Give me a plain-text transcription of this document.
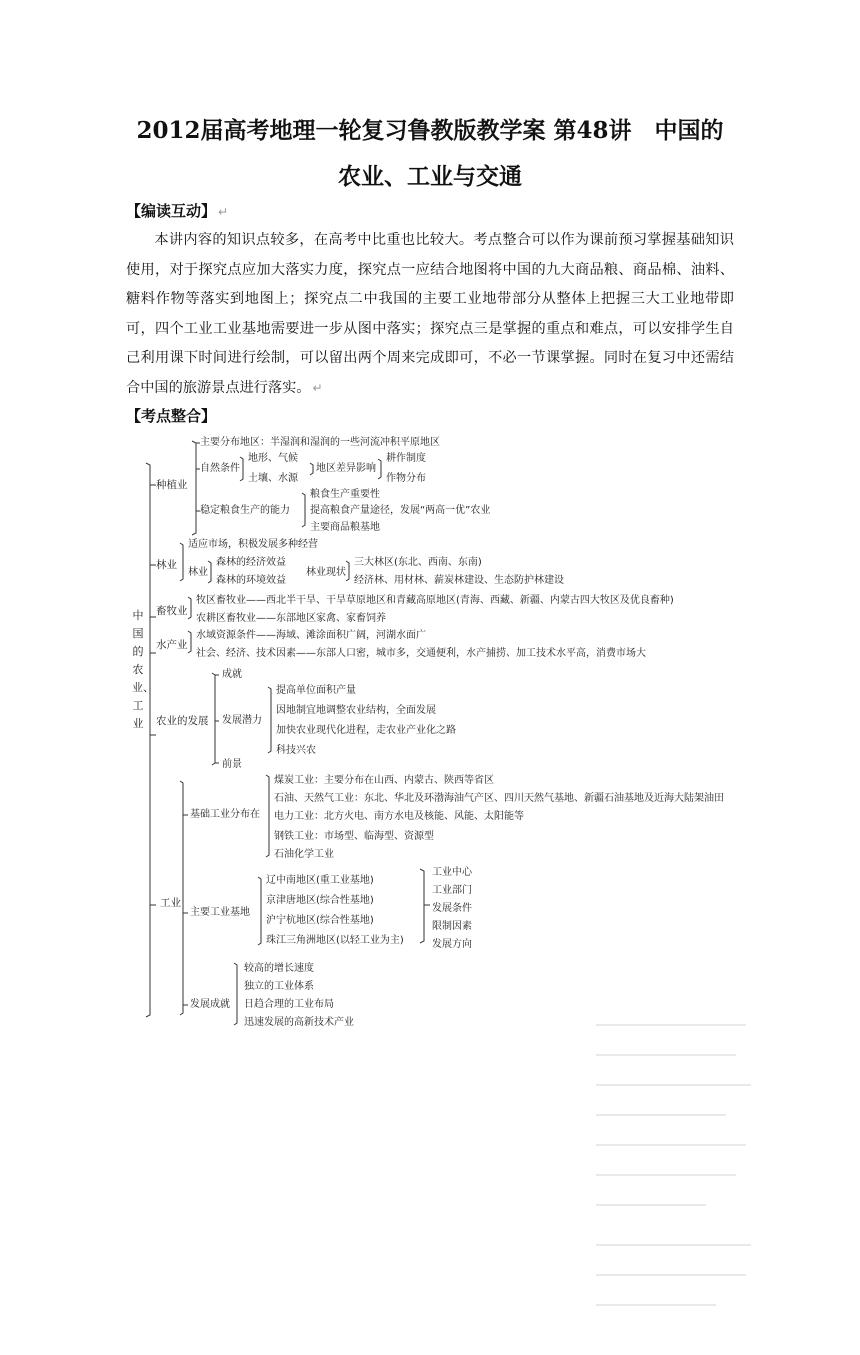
2012届高考地理一轮复习鲁教版教学案 第48讲　中国的
农业、工业与交通
【编读互动】 ↵

本讲内容的知识点较多，在高考中比重也比较大。考点整合可以作为课前预习掌握基础知识使用，对于探究点应加大落实力度，探究点一应结合地图将中国的九大商品粮、商品棉、油料、糖料作物等落实到地图上；探究点二中我国的主要工业地带部分从整体上把握三大工业地带即可，四个工业工业基地需要进一步从图中落实；探究点三是掌握的重点和难点，可以安排学生自己利用课下时间进行绘制，可以留出两个周来完成即可，不必一节课掌握。同时在复习中还需结合中国的旅游景点进行落实。 ↵

【考点整合】
中国的农业、工业
种植业
主要分布地区：半湿润和湿润的一些河流冲积平原地区
自然条件
地形、气候
土壤、水源
地区差异影响
耕作制度
作物分布
稳定粮食生产的能力
粮食生产重要性
提高粮食产量途径，发展“两高一优”农业
主要商品粮基地
林业
适应市场，积极发展多种经营
林业
森林的经济效益
森林的环境效益
林业现状
三大林区(东北、西南、东南)
经济林、用材林、薪炭林建设、生态防护林建设
畜牧业
牧区畜牧业——西北半干旱、干旱草原地区和青藏高原地区(青海、西藏、新疆、内蒙古四大牧区及优良畜种)
农耕区畜牧业——东部地区家禽、家畜饲养
水产业
水域资源条件——海域、滩涂面积广阔，河湖水面广
社会、经济、技术因素——东部人口密，城市多，交通便利，水产捕捞、加工技术水平高，消费市场大
农业的发展
成就
发展潜力
提高单位面积产量
因地制宜地调整农业结构，全面发展
加快农业现代化进程，走农业产业化之路
科技兴农
前景
工业
基础工业分布在
煤炭工业：主要分布在山西、内蒙古、陕西等省区
石油、天然气工业：东北、华北及环渤海油气产区、四川天然气基地、新疆石油基地及近海大陆架油田
电力工业：北方火电、南方水电及核能、风能、太阳能等
钢铁工业：市场型、临海型、资源型
石油化学工业
主要工业基地
辽中南地区(重工业基地)
京津唐地区(综合性基地)
沪宁杭地区(综合性基地)
珠江三角洲地区(以轻工业为主)
工业中心
工业部门
发展条件
限制因素
发展方向
发展成就
较高的增长速度
独立的工业体系
日趋合理的工业布局
迅速发展的高新技术产业
